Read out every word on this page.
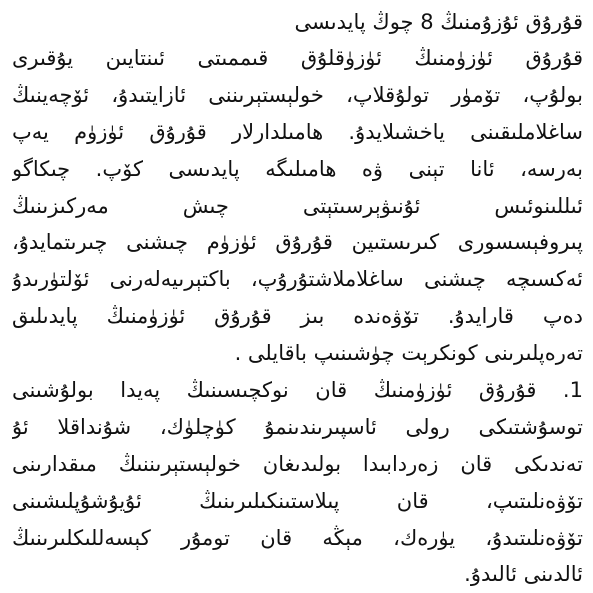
قۇرۇق ئۇزۇمنىڭ 8 چوڭ پايدىسى
قۇرۇق ئۈزۈمنىڭ ئۈزۈقلۇق قىممىتى ئىنتايىن يۇقىرى
بولۇپ، تۆمۈر تولۇقلاپ، خولېستېرىننى ئازايتىدۇ، ئۆچەينىڭ
ساغلاملىقىنى ياخشىلايدۇ. ھامىلدارلار قۇرۇق ئۈزۈم يەپ
بەرسە، ئانا تېنى ۋە ھامىلىگە پايدىسى كۆپ. چىكاگو
ئىللىنوئىس ئۇنىۋېرسىتېتى چىش مەركىزىنىڭ
پىروفېسسورى كىرىستىين قۇرۇق ئۈزۈم چىشنى چىرىتمايدۇ،
ئەكسىچە چىشنى ساغلاملاشتۇرۇپ، باكتېرىيەلەرنى ئۆلتۈرىدۇ
دەپ قارايدۇ. تۆۋەندە بىز قۇرۇق ئۈزۈمنىڭ پايدىلىق
تەرەپلىرىنى كونكرېت چۈشىنىپ باقايلى .
1. قۇرۇق ئۈزۈمنىڭ قان نوكچىسىنىڭ پەيدا بولۇشىنى
توسۇشتىكى رولى ئاسپىرىندىنمۇ كۈچلۈك، شۇنداقلا ئۇ
تەندىكى قان زەردابىدا بولىدىغان خولېستېرىننىڭ مىقدارىنى
تۆۋەنلىتىپ، قان پىلاستىنكىلىرىنىڭ ئۇيۇشۇپلىشىنى
تۆۋەنلىتىدۇ، يۈرەك، مېڭە قان تومۇر كېسەللىكلىرىنىڭ
ئالدىنى ئالىدۇ.
